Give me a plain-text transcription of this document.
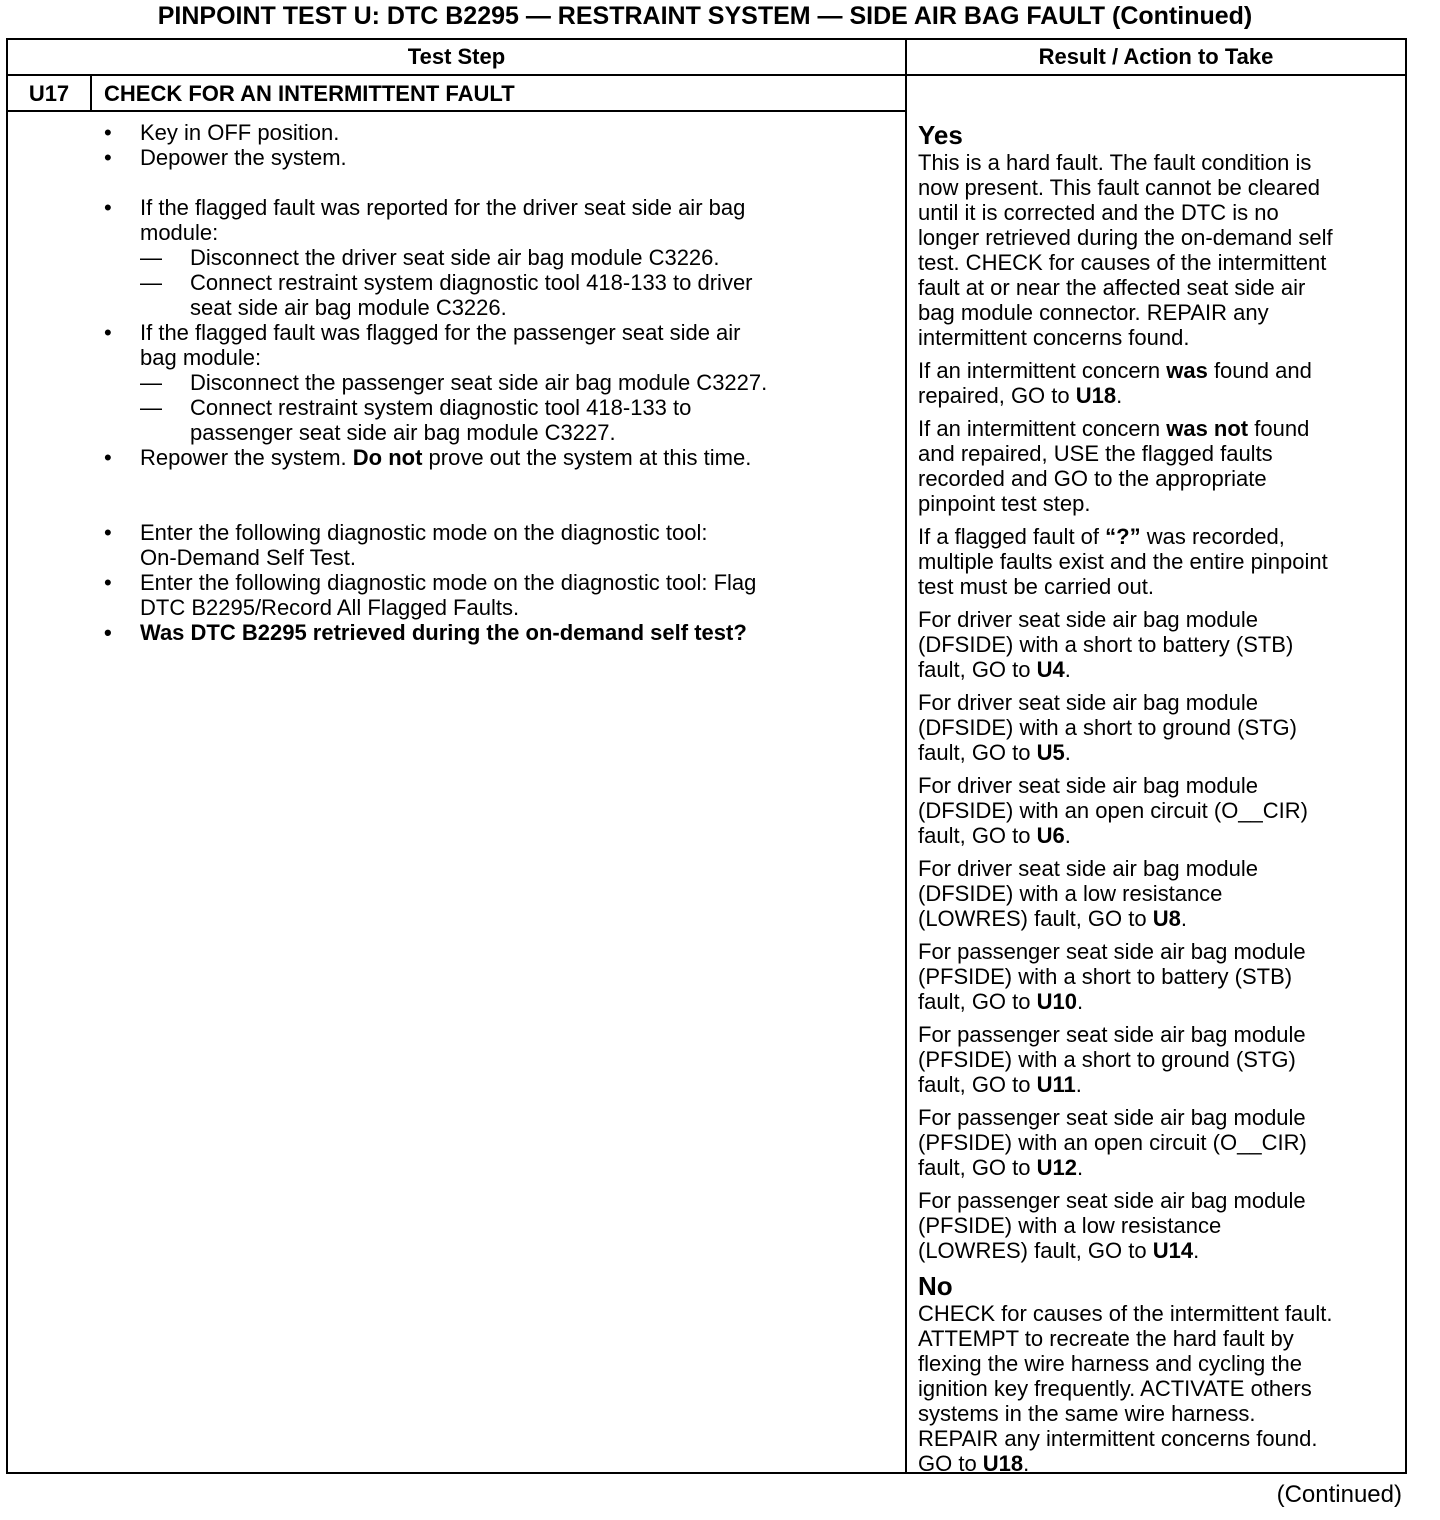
PINPOINT TEST U: DTC B2295 — RESTRAINT SYSTEM — SIDE AIR BAG FAULT (Continued)
Test Step	Result / Action to Take
U17	CHECK FOR AN INTERMITTENT FAULT
• Key in OFF position.
• Depower the system.
• If the flagged fault was reported for the driver seat side air bag
module:
— Disconnect the driver seat side air bag module C3226.
— Connect restraint system diagnostic tool 418-133 to driver
seat side air bag module C3226.
• If the flagged fault was flagged for the passenger seat side air
bag module:
— Disconnect the passenger seat side air bag module C3227.
— Connect restraint system diagnostic tool 418-133 to
passenger seat side air bag module C3227.
• Repower the system. Do not prove out the system at this time.
• Enter the following diagnostic mode on the diagnostic tool:
On-Demand Self Test.
• Enter the following diagnostic mode on the diagnostic tool: Flag
DTC B2295/Record All Flagged Faults.
• Was DTC B2295 retrieved during the on-demand self test?
Yes
This is a hard fault. The fault condition is
now present. This fault cannot be cleared
until it is corrected and the DTC is no
longer retrieved during the on-demand self
test. CHECK for causes of the intermittent
fault at or near the affected seat side air
bag module connector. REPAIR any
intermittent concerns found.
If an intermittent concern was found and
repaired, GO to U18.
If an intermittent concern was not found
and repaired, USE the flagged faults
recorded and GO to the appropriate
pinpoint test step.
If a flagged fault of “?” was recorded,
multiple faults exist and the entire pinpoint
test must be carried out.
For driver seat side air bag module
(DFSIDE) with a short to battery (STB)
fault, GO to U4.
For driver seat side air bag module
(DFSIDE) with a short to ground (STG)
fault, GO to U5.
For driver seat side air bag module
(DFSIDE) with an open circuit (O__CIR)
fault, GO to U6.
For driver seat side air bag module
(DFSIDE) with a low resistance
(LOWRES) fault, GO to U8.
For passenger seat side air bag module
(PFSIDE) with a short to battery (STB)
fault, GO to U10.
For passenger seat side air bag module
(PFSIDE) with a short to ground (STG)
fault, GO to U11.
For passenger seat side air bag module
(PFSIDE) with an open circuit (O__CIR)
fault, GO to U12.
For passenger seat side air bag module
(PFSIDE) with a low resistance
(LOWRES) fault, GO to U14.
No
CHECK for causes of the intermittent fault.
ATTEMPT to recreate the hard fault by
flexing the wire harness and cycling the
ignition key frequently. ACTIVATE others
systems in the same wire harness.
REPAIR any intermittent concerns found.
GO to U18.
(Continued)
